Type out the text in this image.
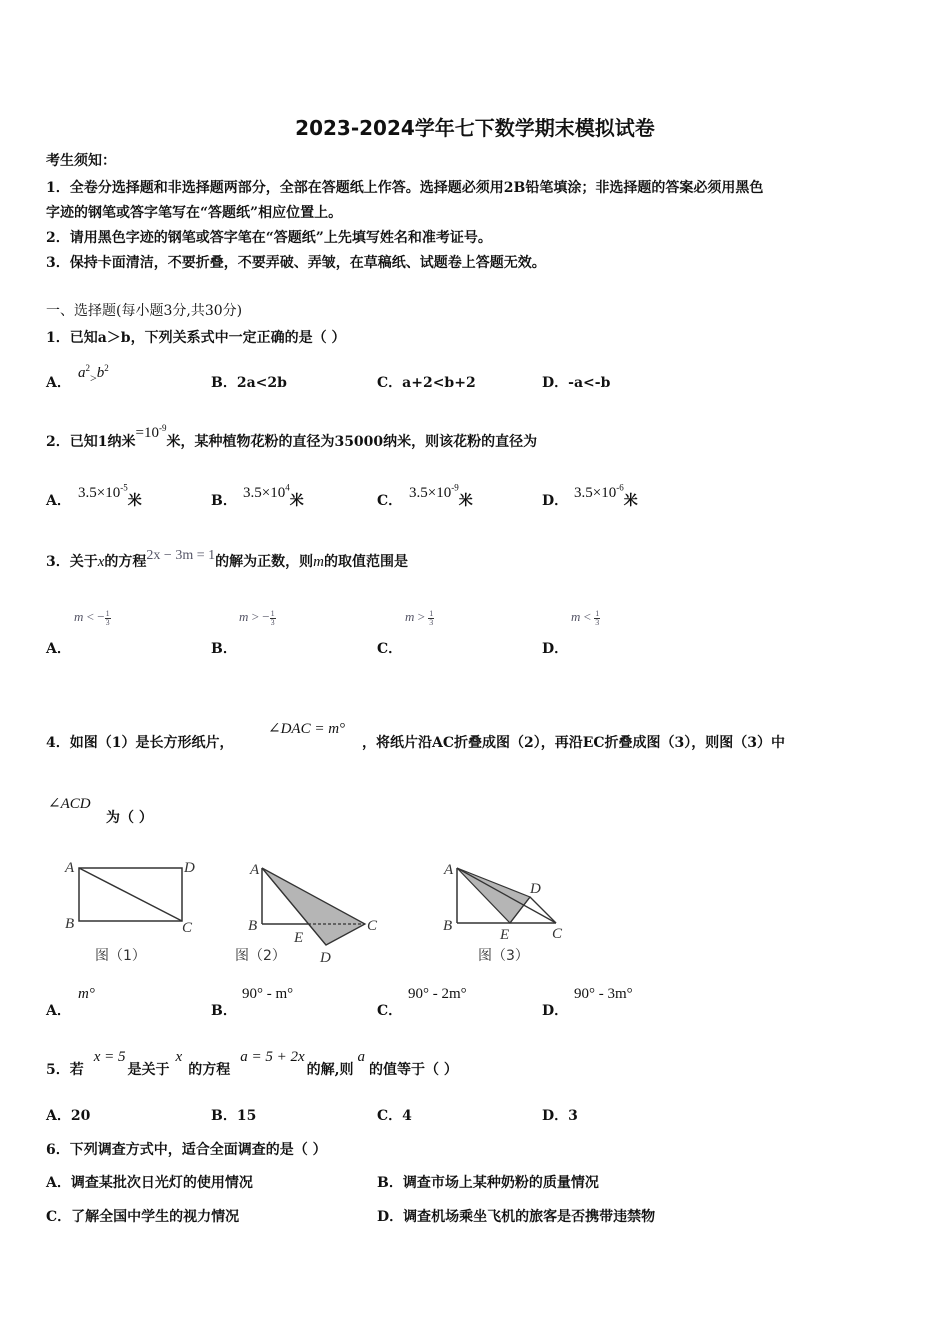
2023-2024学年七下数学期末模拟试卷
考生须知：
1．全卷分选择题和非选择题两部分，全部在答题纸上作答。选择题必须用2B铅笔填涂；非选择题的答案必须用黑色
字迹的钢笔或答字笔写在“答题纸”相应位置上。
2．请用黑色字迹的钢笔或答字笔在“答题纸”上先填写姓名和准考证号。
3．保持卡面清洁，不要折叠，不要弄破、弄皱，在草稿纸、试题卷上答题无效。
一、选择题(每小题3分,共30分)
1．已知a＞b，下列关系式中一定正确的是（ ）
A．
$a^2_>b^2$
B．2a<2b	C．a+2<b+2	D．-a<-b
2．已知1纳米$=10^{-9}$米，某种植物花粉的直径为35000纳米，则该花粉的直径为
A． $3.5\times 10^{-5}$米	B． $3.5\times 10^4$米	C． $3.5\times 10^{-9}$米	D． $3.5\times 10^{-6}$米
3．关于x的方程2x − 3m = 1的解为正数，则m的取值范围是
A．
m < − $\frac{1}{3}$
B．
m > − $\frac{1}{3}$
C．
$m > \frac{1}{3}$
D．
$m < \frac{1}{3}$
4．如图（1）是长方形纸片，
∠DAC = m°
，将纸片沿AC折叠成图（2），再沿EC折叠成图（3），则图（3）中
∠ACD
为（ ）
A	D
B	C
图（1）
A
B	C
E
D
图（2）
A
B	C
D
E
图（3）
A．
m°
B．
90° - m°
C．
90° - 2m°
D．
90° - 3m°
5．若x = 5是关于x的方程a = 5 + 2x的解,则a的值等于（ ）
A．20	B．15	C．4	D．3
6．下列调查方式中，适合全面调查的是（ ）
A．调查某批次日光灯的使用情况	B．调查市场上某种奶粉的质量情况
C．了解全国中学生的视力情况	D．调查机场乘坐飞机的旅客是否携带违禁物
